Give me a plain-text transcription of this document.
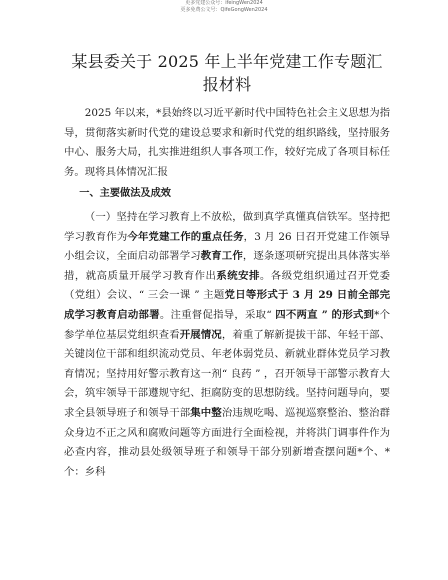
更多党建公众号：ifeingWen2024
更多免费公文号：QifeGongWen2024
某县委关于 2025 年上半年党建工作专题汇报材料

2025 年以来，*县始终以习近平新时代中国特色社会主义思想为指导，贯彻落实新时代党的建设总要求和新时代党的组织路线，坚持服务中心、服务大局，扎实推进组织人事各项工作，较好完成了各项目标任务。现将具体情况汇报

一、主要做法及成效

（一）坚持在学习教育上不放松，做到真学真懂真信铁军。坚持把学习教育作为今年党建工作的重点任务，3 月 26 日召开党建工作领导小组会议，全面启动部署学习教育工作，逐条逐项研究提出具体落实举措，就高质量开展学习教育作出系统安排。各级党组织通过召开党委（党组）会议、“ 三会一课 ” 主题党日等形式于 3 月 29 日前全部完成学习教育启动部署。注重督促指导，采取“ 四不两直 ” 的形式到*个参学单位基层党组织查看开展情况，着重了解新提拔干部、年轻干部、关键岗位干部和组织流动党员、年老体弱党员、新就业群体党员学习教育情况；坚持用好警示教育这一剂“ 良药 ” ，召开领导干部警示教育大会，筑牢领导干部遵规守纪、拒腐防变的思想防线。坚持问题导向，要求全县领导班子和领导干部集中整治违规吃喝、巡视巡察整治、整治群众身边不正之风和腐败问题等方面进行全面检视，并将洪门调事件作为必查内容，推动县处级领导班子和领导干部分别新增查摆问题*个、*个：乡科
